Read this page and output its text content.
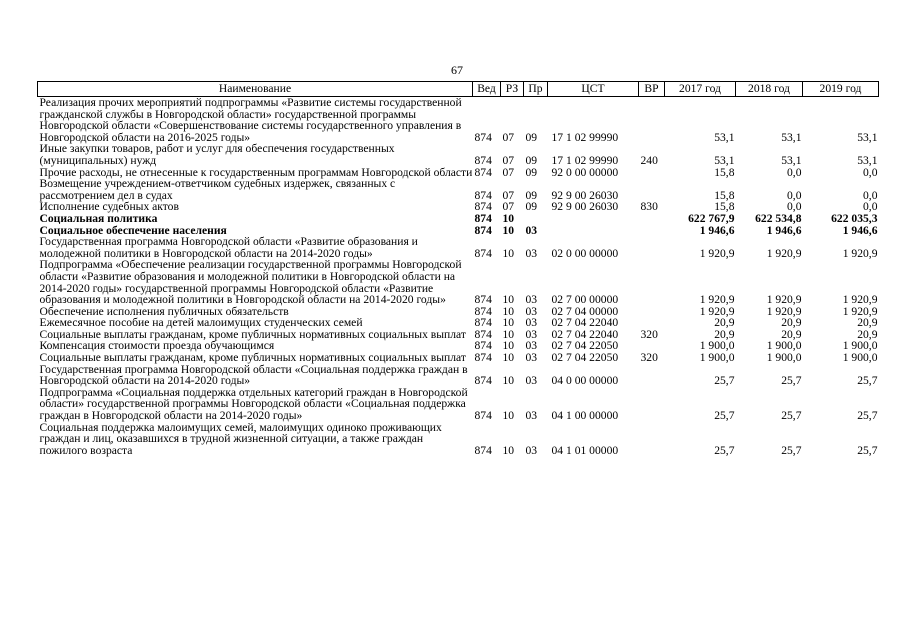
67
Наименование	Вед	РЗ	Пр	ЦСТ	ВР	2017 год	2018 год	2019 год
Реализация прочих мероприятий подпрограммы «Развитие системы государственной гражданской службы в Новгородской области» государственной программы Новгородской области «Совершенствование системы государственного управления в Новгородской области на 2016-2025 годы»	874	07	09	17 1 02 99990		53,1	53,1	53,1
Иные закупки товаров, работ и услуг для обеспечения государственных (муниципальных) нужд	874	07	09	17 1 02 99990	240	53,1	53,1	53,1
Прочие расходы, не отнесенные к государственным программам Новгородской области	874	07	09	92 0 00 00000		15,8	0,0	0,0
Возмещение учреждением-ответчиком судебных издержек, связанных с рассмотрением дел в судах	874	07	09	92 9 00 26030		15,8	0,0	0,0
Исполнение судебных актов	874	07	09	92 9 00 26030	830	15,8	0,0	0,0
Социальная политика	874	10				622 767,9	622 534,8	622 035,3
Социальное обеспечение населения	874	10	03			1 946,6	1 946,6	1 946,6
Государственная программа Новгородской области «Развитие образования и молодежной политики в Новгородской области на 2014-2020 годы»	874	10	03	02 0 00 00000		1 920,9	1 920,9	1 920,9
Подпрограмма «Обеспечение реализации государственной программы Новгородской области «Развитие образования и молодежной политики в Новгородской области на 2014-2020 годы» государственной программы Новгородской области «Развитие образования и молодежной политики в Новгородской области на 2014-2020 годы»	874	10	03	02 7 00 00000		1 920,9	1 920,9	1 920,9
Обеспечение исполнения публичных обязательств	874	10	03	02 7 04 00000		1 920,9	1 920,9	1 920,9
Ежемесячное пособие на детей малоимущих студенческих семей	874	10	03	02 7 04 22040		20,9	20,9	20,9
Социальные выплаты гражданам, кроме публичных нормативных социальных выплат	874	10	03	02 7 04 22040	320	20,9	20,9	20,9
Компенсация стоимости проезда обучающимся	874	10	03	02 7 04 22050		1 900,0	1 900,0	1 900,0
Социальные выплаты гражданам, кроме публичных нормативных социальных выплат	874	10	03	02 7 04 22050	320	1 900,0	1 900,0	1 900,0
Государственная программа Новгородской области «Социальная поддержка граждан в Новгородской области на 2014-2020 годы»	874	10	03	04 0 00 00000		25,7	25,7	25,7
Подпрограмма «Социальная поддержка отдельных категорий граждан в Новгородской области» государственной программы Новгородской области «Социальная поддержка граждан в Новгородской области на 2014-2020 годы»	874	10	03	04 1 00 00000		25,7	25,7	25,7
Социальная поддержка малоимущих семей, малоимущих одиноко проживающих граждан и лиц, оказавшихся в трудной жизненной ситуации, а также граждан пожилого возраста	874	10	03	04 1 01 00000		25,7	25,7	25,7
